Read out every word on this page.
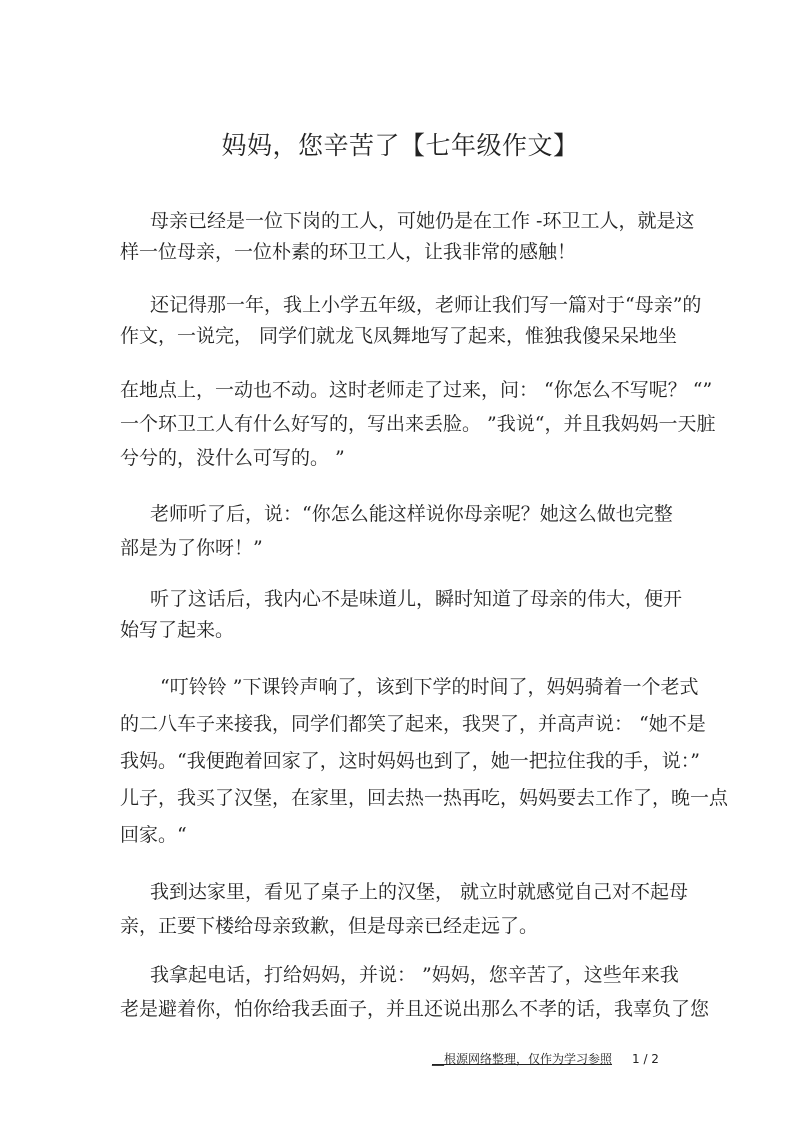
妈妈，您辛苦了【七年级作文】

母亲已经是一位下岗的工人，可她仍是在工作 -环卫工人，就是这

样一位母亲，一位朴素的环卫工人，让我非常的感触！

还记得那一年，我上小学五年级，老师让我们写一篇对于“母亲”的

作文，一说完， 同学们就龙飞凤舞地写了起来，惟独我傻呆呆地坐

在地点上，一动也不动。这时老师走了过来，问： “你怎么不写呢？ “”

一个环卫工人有什么好写的，写出来丢脸。 ”我说“，并且我妈妈一天脏

兮兮的，没什么可写的。 ”

老师听了后，说：“你怎么能这样说你母亲呢？她这么做也完整

部是为了你呀！”

听了这话后，我内心不是味道儿，瞬时知道了母亲的伟大，便开

始写了起来。

“叮铃铃 ”下课铃声响了，该到下学的时间了，妈妈骑着一个老式

的二八车子来接我，同学们都笑了起来，我哭了，并高声说： “她不是

我妈。“我便跑着回家了，这时妈妈也到了，她一把拉住我的手，说：”

儿子，我买了汉堡，在家里，回去热一热再吃，妈妈要去工作了，晚一点

回家。“

我到达家里，看见了桌子上的汉堡， 就立时就感觉自己对不起母

亲，正要下楼给母亲致歉，但是母亲已经走远了。

我拿起电话，打给妈妈，并说： ”妈妈，您辛苦了，这些年来我

老是避着你，怕你给我丢面子，并且还说出那么不孝的话，我辜负了您

__根源网络整理，仅作为学习参照 1 / 2
